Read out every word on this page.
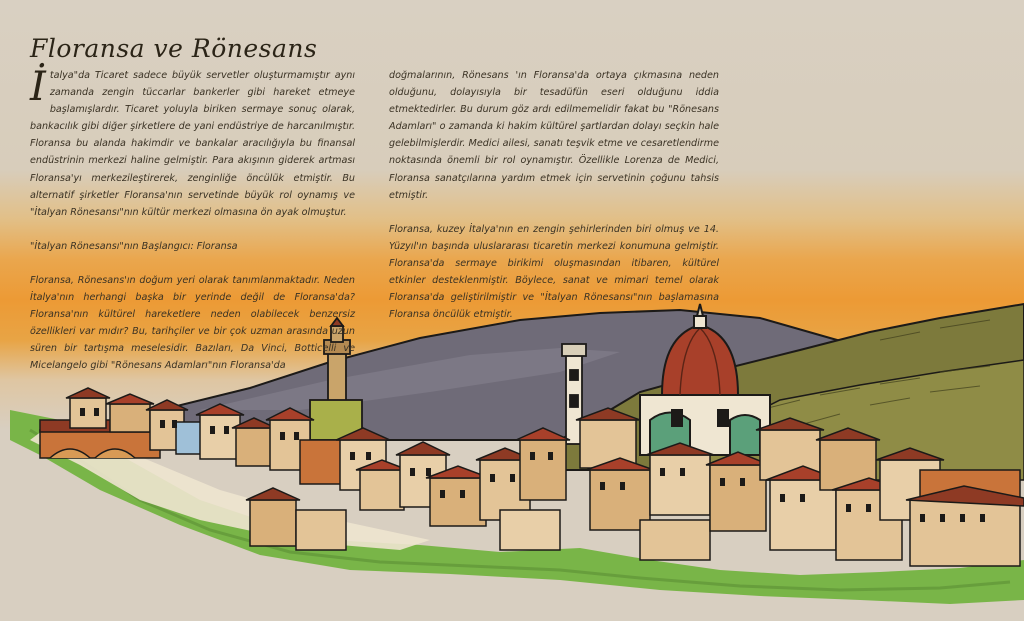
Floransa ve Rönesans

İtalya"da Ticaret sadece büyük servetler oluşturmamıştır aynı zamanda zengin tüccarlar bankerler gibi hareket etmeye başlamışlardır. Ticaret yoluyla biriken sermaye sonuç olarak, bankacılık gibi diğer şirketlere de yani endüstriye de harcanılmıştır. Floransa bu alanda hakimdir ve bankalar aracılığıyla bu finansal endüstrinin merkezi haline gelmiştir. Para akışının giderek artması Floransa'yı merkezileştirerek, zenginliğe öncülük etmiştir. Bu alternatif şirketler Floransa'nın servetinde büyük rol oynamış ve "İtalyan Rönesansı"nın kültür merkezi olmasına ön ayak olmuştur.

"İtalyan Rönesansı"nın Başlangıcı: Floransa

Floransa, Rönesans'ın doğum yeri olarak tanımlanmaktadır. Neden İtalya'nın herhangi başka bir yerinde değil de Floransa'da? Floransa'nın kültürel hareketlere neden olabilecek benzersiz özellikleri var mıdır? Bu, tarihçiler ve bir çok uzman arasında uzun süren bir tartışma meselesidir. Bazıları, Da Vinci, Botticelli ve Micelangelo gibi "Rönesans Adamları"nın Floransa'da

doğmalarının, Rönesans 'ın Floransa'da ortaya çıkmasına neden olduğunu, dolayısıyla bir tesadüfün eseri olduğunu iddia etmektedirler. Bu durum göz ardı edilmemelidir fakat bu "Rönesans Adamları" o zamanda ki hakim kültürel şartlardan dolayı seçkin hale gelebilmişlerdir. Medici ailesi, sanatı teşvik etme ve cesaretlendirme noktasında önemli bir rol oynamıştır. Özellikle Lorenza de Medici, Floransa sanatçılarına yardım etmek için servetinin çoğunu tahsis etmiştir.

Floransa, kuzey İtalya'nın en zengin şehirlerinden biri olmuş ve 14. Yüzyıl'ın başında uluslararası ticaretin merkezi konumuna gelmiştir. Floransa'da sermaye birikimi oluşmasından itibaren, kültürel etkinler desteklenmiştir. Böylece, sanat ve mimari temel olarak Floransa'da geliştirilmiştir ve "İtalyan Rönesansı"nın başlamasına Floransa öncülük etmiştir.
